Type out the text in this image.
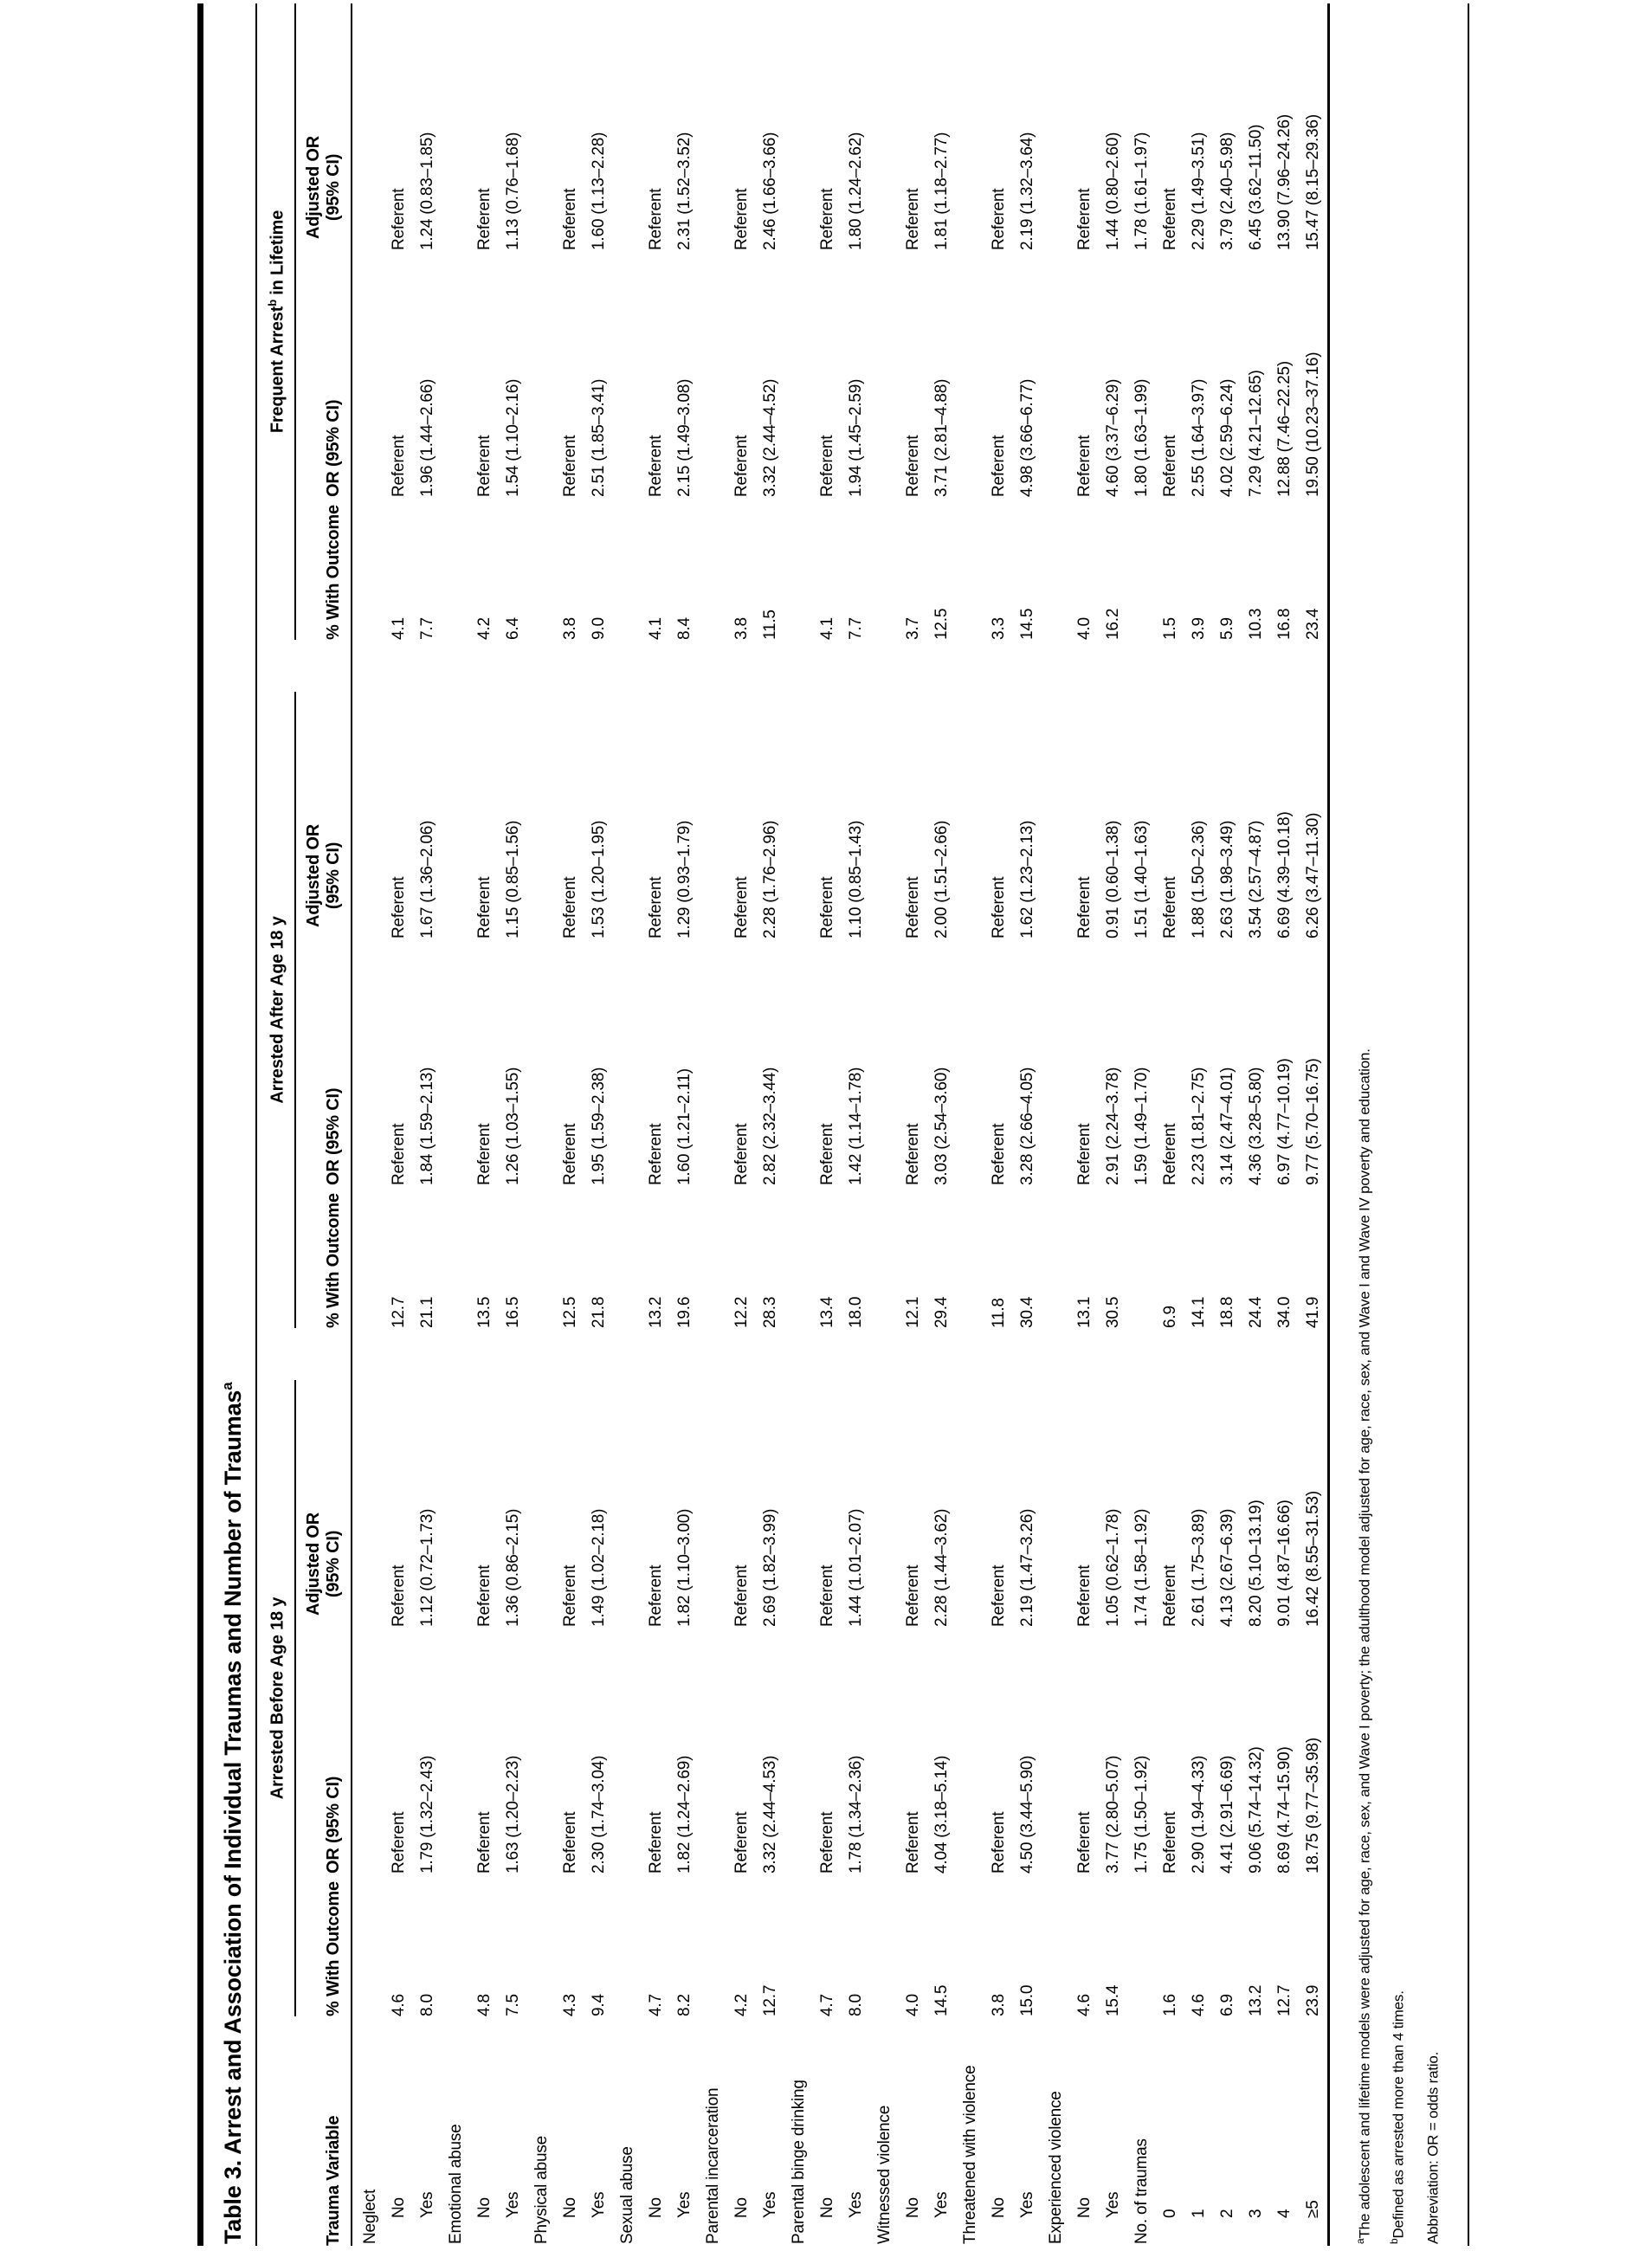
Table 3. Arrest and Association of Individual Traumas and Number of Traumas$^a$
	Arrested Before Age 18 y				Arrested After Age 18 y				Frequent Arrest$^b$ in Lifetime		
Trauma Variable	% With Outcome	OR (95% CI)	Adjusted OR (95% CI)		% With Outcome	OR (95% CI)	Adjusted OR (95% CI)		% With Outcome	OR (95% CI)	Adjusted OR (95% CI)
Neglect											
No	4.6	Referent	Referent		12.7	Referent	Referent		4.1	Referent	Referent
Yes	8.0	1.79 (1.32–2.43)	1.12 (0.72–1.73)		21.1	1.84 (1.59–2.13)	1.67 (1.36–2.06)		7.7	1.96 (1.44–2.66)	1.24 (0.83–1.85)
Emotional abuse											
No	4.8	Referent	Referent		13.5	Referent	Referent		4.2	Referent	Referent
Yes	7.5	1.63 (1.20–2.23)	1.36 (0.86–2.15)		16.5	1.26 (1.03–1.55)	1.15 (0.85–1.56)		6.4	1.54 (1.10–2.16)	1.13 (0.76–1.68)
Physical abuse											
No	4.3	Referent	Referent		12.5	Referent	Referent		3.8	Referent	Referent
Yes	9.4	2.30 (1.74–3.04)	1.49 (1.02–2.18)		21.8	1.95 (1.59–2.38)	1.53 (1.20–1.95)		9.0	2.51 (1.85–3.41)	1.60 (1.13–2.28)
Sexual abuse											
No	4.7	Referent	Referent		13.2	Referent	Referent		4.1	Referent	Referent
Yes	8.2	1.82 (1.24–2.69)	1.82 (1.10–3.00)		19.6	1.60 (1.21–2.11)	1.29 (0.93–1.79)		8.4	2.15 (1.49–3.08)	2.31 (1.52–3.52)
Parental incarceration											
No	4.2	Referent	Referent		12.2	Referent	Referent		3.8	Referent	Referent
Yes	12.7	3.32 (2.44–4.53)	2.69 (1.82–3.99)		28.3	2.82 (2.32–3.44)	2.28 (1.76–2.96)		11.5	3.32 (2.44–4.52)	2.46 (1.66–3.66)
Parental binge drinking											
No	4.7	Referent	Referent		13.4	Referent	Referent		4.1	Referent	Referent
Yes	8.0	1.78 (1.34–2.36)	1.44 (1.01–2.07)		18.0	1.42 (1.14–1.78)	1.10 (0.85–1.43)		7.7	1.94 (1.45–2.59)	1.80 (1.24–2.62)
Witnessed violence											
No	4.0	Referent	Referent		12.1	Referent	Referent		3.7	Referent	Referent
Yes	14.5	4.04 (3.18–5.14)	2.28 (1.44–3.62)		29.4	3.03 (2.54–3.60)	2.00 (1.51–2.66)		12.5	3.71 (2.81–4.88)	1.81 (1.18–2.77)
Threatened with violence											
No	3.8	Referent	Referent		11.8	Referent	Referent		3.3	Referent	Referent
Yes	15.0	4.50 (3.44–5.90)	2.19 (1.47–3.26)		30.4	3.28 (2.66–4.05)	1.62 (1.23–2.13)		14.5	4.98 (3.66–6.77)	2.19 (1.32–3.64)
Experienced violence											
No	4.6	Referent	Referent		13.1	Referent	Referent		4.0	Referent	Referent
Yes	15.4	3.77 (2.80–5.07)	1.05 (0.62–1.78)		30.5	2.91 (2.24–3.78)	0.91 (0.60–1.38)		16.2	4.60 (3.37–6.29)	1.44 (0.80–2.60)
No. of traumas		1.75 (1.50–1.92)	1.74 (1.58–1.92)			1.59 (1.49–1.70)	1.51 (1.40–1.63)			1.80 (1.63–1.99)	1.78 (1.61–1.97)
0	1.6	Referent	Referent		6.9	Referent	Referent		1.5	Referent	Referent
1	4.6	2.90 (1.94–4.33)	2.61 (1.75–3.89)		14.1	2.23 (1.81–2.75)	1.88 (1.50–2.36)		3.9	2.55 (1.64–3.97)	2.29 (1.49–3.51)
2	6.9	4.41 (2.91–6.69)	4.13 (2.67–6.39)		18.8	3.14 (2.47–4.01)	2.63 (1.98–3.49)		5.9	4.02 (2.59–6.24)	3.79 (2.40–5.98)
3	13.2	9.06 (5.74–14.32)	8.20 (5.10–13.19)		24.4	4.36 (3.28–5.80)	3.54 (2.57–4.87)		10.3	7.29 (4.21–12.65)	6.45 (3.62–11.50)
4	12.7	8.69 (4.74–15.90)	9.01 (4.87–16.66)		34.0	6.97 (4.77–10.19)	6.69 (4.39–10.18)		16.8	12.88 (7.46–22.25)	13.90 (7.96–24.26)
≥5	23.9	18.75 (9.77–35.98)	16.42 (8.55–31.53)		41.9	9.77 (5.70–16.75)	6.26 (3.47–11.30)		23.4	19.50 (10.23–37.16)	15.47 (8.15–29.36)
$^a$The adolescent and lifetime models were adjusted for age, race, sex, and Wave I poverty; the adulthood model adjusted for age, race, sex, and Wave I and Wave IV poverty and education.
$^b$Defined as arrested more than 4 times.	Abbreviation: OR = odds ratio.
